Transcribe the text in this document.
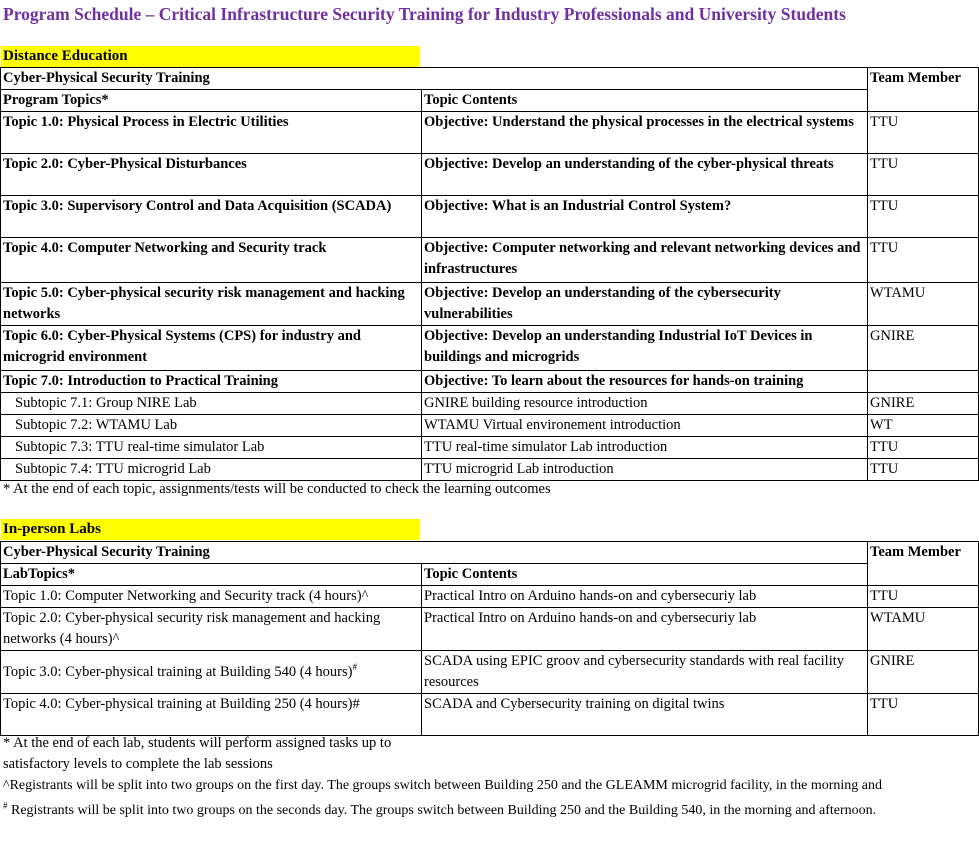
Program Schedule – Critical Infrastructure Security Training for Industry Professionals and University Students
Distance Education
Cyber-Physical Security Training		Team Member
Program Topics*	Topic Contents	
Topic 1.0: Physical Process in Electric Utilities	Objective: Understand the physical processes in the electrical systems	TTU
Topic 2.0: Cyber-Physical Disturbances	Objective: Develop an understanding of the cyber-physical threats	TTU
Topic 3.0: Supervisory Control and Data Acquisition (SCADA)	Objective: What is an Industrial Control System?	TTU
Topic 4.0: Computer Networking and Security track	Objective: Computer networking and relevant networking devices and infrastructures	TTU
Topic 5.0: Cyber-physical security risk management and hacking networks	Objective: Develop an understanding of the cybersecurity vulnerabilities	WTAMU
Topic 6.0: Cyber-Physical Systems (CPS) for industry and microgrid environment	Objective: Develop an understanding Industrial IoT Devices in buildings and microgrids	GNIRE
Topic 7.0: Introduction to Practical Training	Objective: To learn about the resources for hands-on training	
Subtopic 7.1: Group NIRE Lab	GNIRE building resource introduction	GNIRE
Subtopic 7.2: WTAMU Lab	WTAMU Virtual environement introduction	WT
Subtopic 7.3: TTU real-time simulator Lab	TTU real-time simulator Lab introduction	TTU
Subtopic 7.4: TTU microgrid Lab	TTU microgrid Lab introduction	TTU
* At the end of each topic, assignments/tests will be conducted to check the learning outcomes
In-person Labs
Cyber-Physical Security Training		Team Member
LabTopics*	Topic Contents	
Topic 1.0: Computer Networking and Security track (4 hours)^	Practical Intro on Arduino hands-on and cybersecuriy lab	TTU
Topic 2.0: Cyber-physical security risk management and hacking networks (4 hours)^	Practical Intro on Arduino hands-on and cybersecuriy lab	WTAMU
Topic 3.0: Cyber-physical training at Building 540 (4 hours)#	SCADA using EPIC groov and cybersecurity standards with real facility resources	GNIRE
Topic 4.0: Cyber-physical training at Building 250 (4 hours)#	SCADA and Cybersecurity training on digital twins	TTU
* At the end of each lab, students will perform assigned tasks up to
satisfactory levels to complete the lab sessions
^Registrants will be split into two groups on the first day. The groups switch between Building 250 and the GLEAMM microgrid facility, in the morning and
# Registrants will be split into two groups on the seconds day. The groups switch between Building 250 and the Building 540, in the morning and afternoon.
